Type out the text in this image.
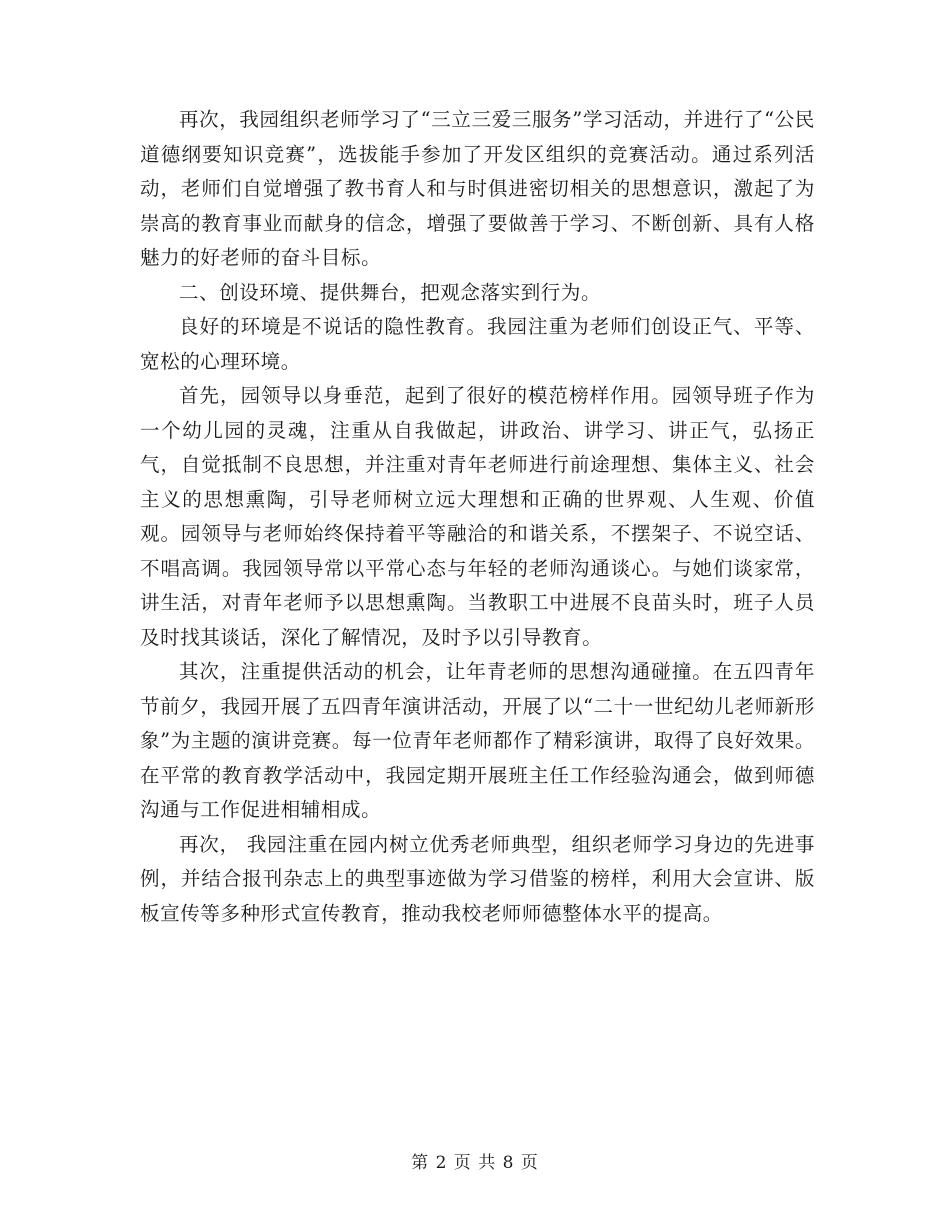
再次，我园组织老师学习了“三立三爱三服务”学习活动，并进行了“公民道德纲要知识竞赛”，选拔能手参加了开发区组织的竞赛活动。通过系列活动，老师们自觉增强了教书育人和与时俱进密切相关的思想意识，激起了为崇高的教育事业而献身的信念，增强了要做善于学习、不断创新、具有人格魅力的好老师的奋斗目标。

二、创设环境、提供舞台，把观念落实到行为。

良好的环境是不说话的隐性教育。我园注重为老师们创设正气、平等、宽松的心理环境。

首先，园领导以身垂范，起到了很好的模范榜样作用。园领导班子作为一个幼儿园的灵魂，注重从自我做起，讲政治、讲学习、讲正气，弘扬正气，自觉抵制不良思想，并注重对青年老师进行前途理想、集体主义、社会主义的思想熏陶，引导老师树立远大理想和正确的世界观、人生观、价值观。园领导与老师始终保持着平等融洽的和谐关系，不摆架子、不说空话、不唱高调。我园领导常以平常心态与年轻的老师沟通谈心。与她们谈家常，讲生活，对青年老师予以思想熏陶。当教职工中进展不良苗头时，班子人员及时找其谈话，深化了解情况，及时予以引导教育。

其次，注重提供活动的机会，让年青老师的思想沟通碰撞。在五四青年节前夕，我园开展了五四青年演讲活动，开展了以“二十一世纪幼儿老师新形象”为主题的演讲竞赛。每一位青年老师都作了精彩演讲，取得了良好效果。在平常的教育教学活动中，我园定期开展班主任工作经验沟通会，做到师德沟通与工作促进相辅相成。

再次， 我园注重在园内树立优秀老师典型，组织老师学习身边的先进事例，并结合报刊杂志上的典型事迹做为学习借鉴的榜样，利用大会宣讲、版板宣传等多种形式宣传教育，推动我校老师师德整体水平的提高。

第 2 页 共 8 页
